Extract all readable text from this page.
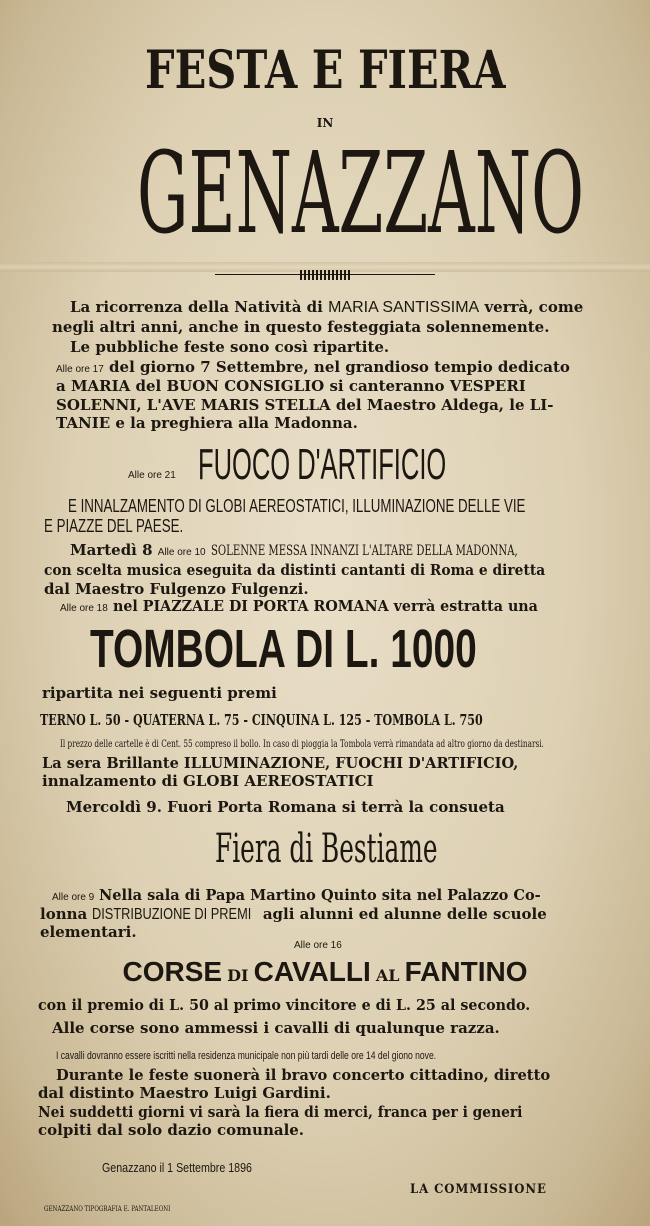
FESTA E FIERA
IN
GENAZZANO
La ricorrenza della Natività di MARIA SANTISSIMA verrà, come
negli altri anni, anche in questo festeggiata solennemente.
Le pubbliche feste sono così ripartite.
Alle ore 17 del giorno 7 Settembre, nel grandioso tempio dedicato
a MARIA del BUON CONSIGLIO si canteranno VESPERI
SOLENNI, L'AVE MARIS STELLA del Maestro Aldega, le LI-
TANIE e la preghiera alla Madonna.
Alle ore 21 FUOCO D'ARTIFICIO
E INNALZAMENTO DI GLOBI AEREOSTATICI, ILLUMINAZIONE DELLE VIE
E PIAZZE DEL PAESE.
Martedì 8 Alle ore 10 SOLENNE MESSA INNANZI L'ALTARE DELLA MADONNA,
con scelta musica eseguita da distinti cantanti di Roma e diretta
dal Maestro Fulgenzo Fulgenzi.
Alle ore 18 nel PIAZZALE DI PORTA ROMANA verrà estratta una
TOMBOLA DI L. 1000
ripartita nei seguenti premi
TERNO L. 50 - QUATERNA L. 75 - CINQUINA L. 125 - TOMBOLA L. 750
Il prezzo delle cartelle è di Cent. 55 compreso il bollo. In caso di pioggia la Tombola verrà rimandata ad altro giorno da destinarsi.
La sera Brillante ILLUMINAZIONE, FUOCHI D'ARTIFICIO,
innalzamento di GLOBI AEREOSTATICI
Mercoldì 9. Fuori Porta Romana si terrà la consueta
Fiera di Bestiame
Alle ore 9 Nella sala di Papa Martino Quinto sita nel Palazzo Co-
lonna DISTRIBUZIONE DI PREMI agli alunni ed alunne delle scuole
elementari.
Alle ore 16
CORSE DI CAVALLI AL FANTINO
con il premio di L. 50 al primo vincitore e di L. 25 al secondo.
Alle corse sono ammessi i cavalli di qualunque razza.
I cavalli dovranno essere iscritti nella residenza municipale non più tardi delle ore 14 del giono nove.
Durante le feste suonerà il bravo concerto cittadino, diretto
dal distinto Maestro Luigi Gardini.
Nei suddetti giorni vi sarà la fiera di merci, franca per i generi
colpiti dal solo dazio comunale.
Genazzano il 1 Settembre 1896
GENAZZANO TIPOGRAFIA E. PANTALEONI
LA COMMISSIONE
